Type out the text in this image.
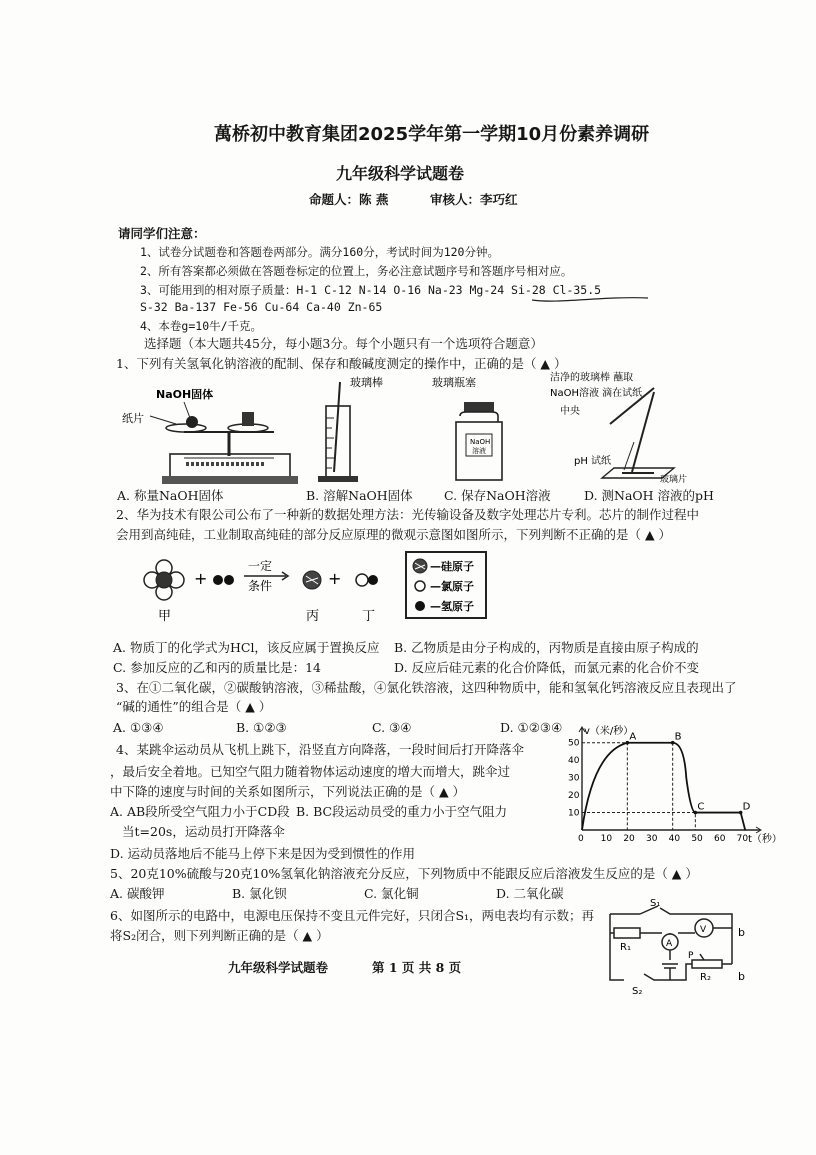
萬桥初中教育集团2025学年第一学期10月份素养调研
九年级科学试题卷
命题人：陈 燕	审核人：李巧红
请同学们注意：
1、试卷分试题卷和答题卷两部分。满分160分，考试时间为120分钟。
2、所有答案都必须做在答题卷标定的位置上，务必注意试题序号和答题序号相对应。
3、可能用到的相对原子质量：H-1 C-12 N-14 O-16 Na-23 Mg-24 Si-28 Cl-35.5
S-32 Ba-137 Fe-56 Cu-64 Ca-40 Zn-65
4、本卷g=10牛/千克。
选择题（本大题共45分，每小题3分。每个小题只有一个选项符合题意）
1、下列有关氢氧化钠溶液的配制、保存和酸碱度测定的操作中，正确的是（ ▲ ）
NaOH固体
纸片
玻璃棒
NaOH
溶液
玻璃瓶塞	洁净的玻璃棒 蘸取
NaOH溶液 滴在试纸
中央
pH 试纸
玻璃片
A. 称量NaOH固体	B. 溶解NaOH固体	C. 保存NaOH溶液	D. 测NaOH 溶液的pH
2、华为技术有限公司公布了一种新的数据处理方法：光传输设备及数字处理芯片专利。芯片的制作过程中
会用到高纯硅，工业制取高纯硅的部分反应原理的微观示意图如图所示，下列判断不正确的是（ ▲ ）
+
一定
条件	+
甲	丙	丁
—硅原子
—氯原子
—氢原子
A. 物质丁的化学式为HCl，该反应属于置换反应 B. 乙物质是由分子构成的，丙物质是直接由原子构成的
C. 参加反应的乙和丙的质量比是：14	D. 反应后硅元素的化合价降低，而氯元素的化合价不变
3、在①二氧化碳，②碳酸钠溶液，③稀盐酸，④氯化铁溶液，这四种物质中，能和氢氧化钙溶液反应且表现出了
“碱的通性”的组合是（ ▲ ）
A. ①③④	B. ①②③	C. ③④	D. ①②③④
4、某跳伞运动员从飞机上跳下，沿竖直方向降落，一段时间后打开降落伞
，最后安全着地。已知空气阻力随着物体运动速度的增大而增大，跳伞过
中下降的速度与时间的关系如图所示，下列说法正确的是（ ▲ ）
A. AB段所受空气阻力小于CD段 B. BC段运动员受的重力小于空气阻力
当t=20s，运动员打开降落伞
D. 运动员落地后不能马上停下来是因为受到惯性的作用
0 10 20 30 40 50 60 70
10
20
30
40
50
v（米/秒）
t（秒）
A	B
C	D
5、20克10%硫酸与20克10%氢氧化钠溶液充分反应，下列物质中不能跟反应后溶液发生反应的是（ ▲ ）
A. 碳酸钾	B. 氯化钡	C. 氯化铜	D. 二氧化碳
6、如图所示的电路中，电源电压保持不变且元件完好，只闭合S₁，两电表均有示数；再
将S₂闭合，则下列判断正确的是（ ▲ ）
S₁
R₁	A
V
S₂
P
R₂
b
b
九年级科学试题卷	第 1 页 共 8 页
